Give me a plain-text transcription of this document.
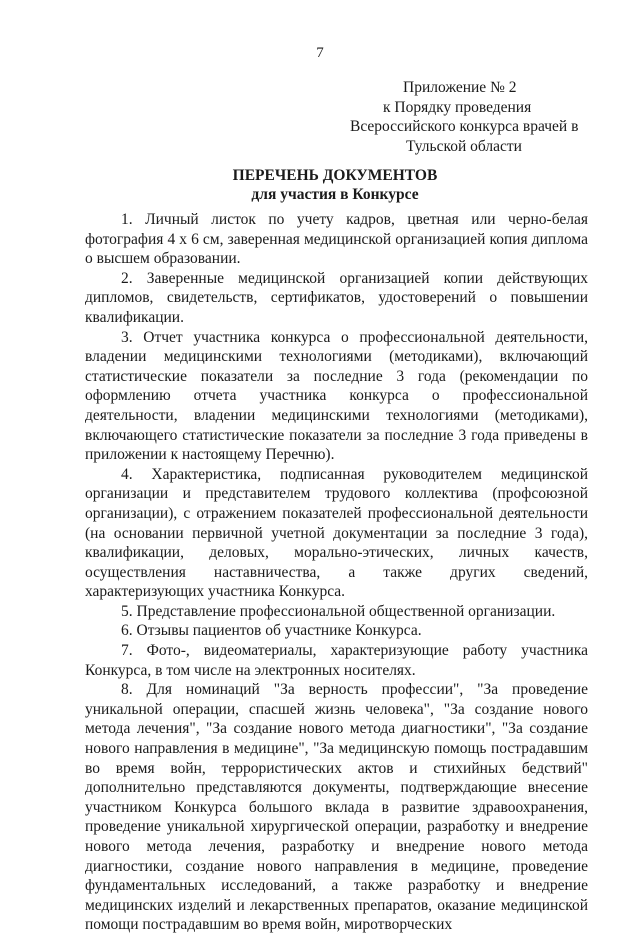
7
Приложение № 2
к Порядку проведения
Всероссийского конкурса врачей в
Тульской области
ПЕРЕЧЕНЬ ДОКУМЕНТОВ
для участия в Конкурсе

1. Личный листок по учету кадров, цветная или черно-белая фотография 4 х 6 см, заверенная медицинской организацией копия диплома о высшем образовании.

2. Заверенные медицинской организацией копии действующих дипломов, свидетельств, сертификатов, удостоверений о повышении квалификации.

3. Отчет участника конкурса о профессиональной деятельности, владении медицинскими технологиями (методиками), включающий статистические показатели за последние 3 года (рекомендации по оформлению отчета участника конкурса о профессиональной деятельности, владении медицинскими технологиями (методиками), включающего статистические показатели за последние 3 года приведены в приложении к настоящему Перечню).

4. Характеристика, подписанная руководителем медицинской организации и представителем трудового коллектива (профсоюзной организации), с отражением показателей профессиональной деятельности (на основании первичной учетной документации за последние 3 года), квалификации, деловых, морально-этических, личных качеств, осуществления наставничества, а также других сведений, характеризующих участника Конкурса.

5. Представление профессиональной общественной организации.

6. Отзывы пациентов об участнике Конкурса.

7. Фото-, видеоматериалы, характеризующие работу участника Конкурса, в том числе на электронных носителях.

8. Для номинаций "За верность профессии", "За проведение уникальной операции, спасшей жизнь человека", "За создание нового метода лечения", "За создание нового метода диагностики", "За создание нового направления в медицине", "За медицинскую помощь пострадавшим во время войн, террористических актов и стихийных бедствий" дополнительно представляются документы, подтверждающие внесение участником Конкурса большого вклада в развитие здравоохранения, проведение уникальной хирургической операции, разработку и внедрение нового метода лечения, разработку и внедрение нового метода диагностики, создание нового направления в медицине, проведение фундаментальных исследований, а также разработку и внедрение медицинских изделий и лекарственных препаратов, оказание медицинской помощи пострадавшим во время войн, миротворческих
